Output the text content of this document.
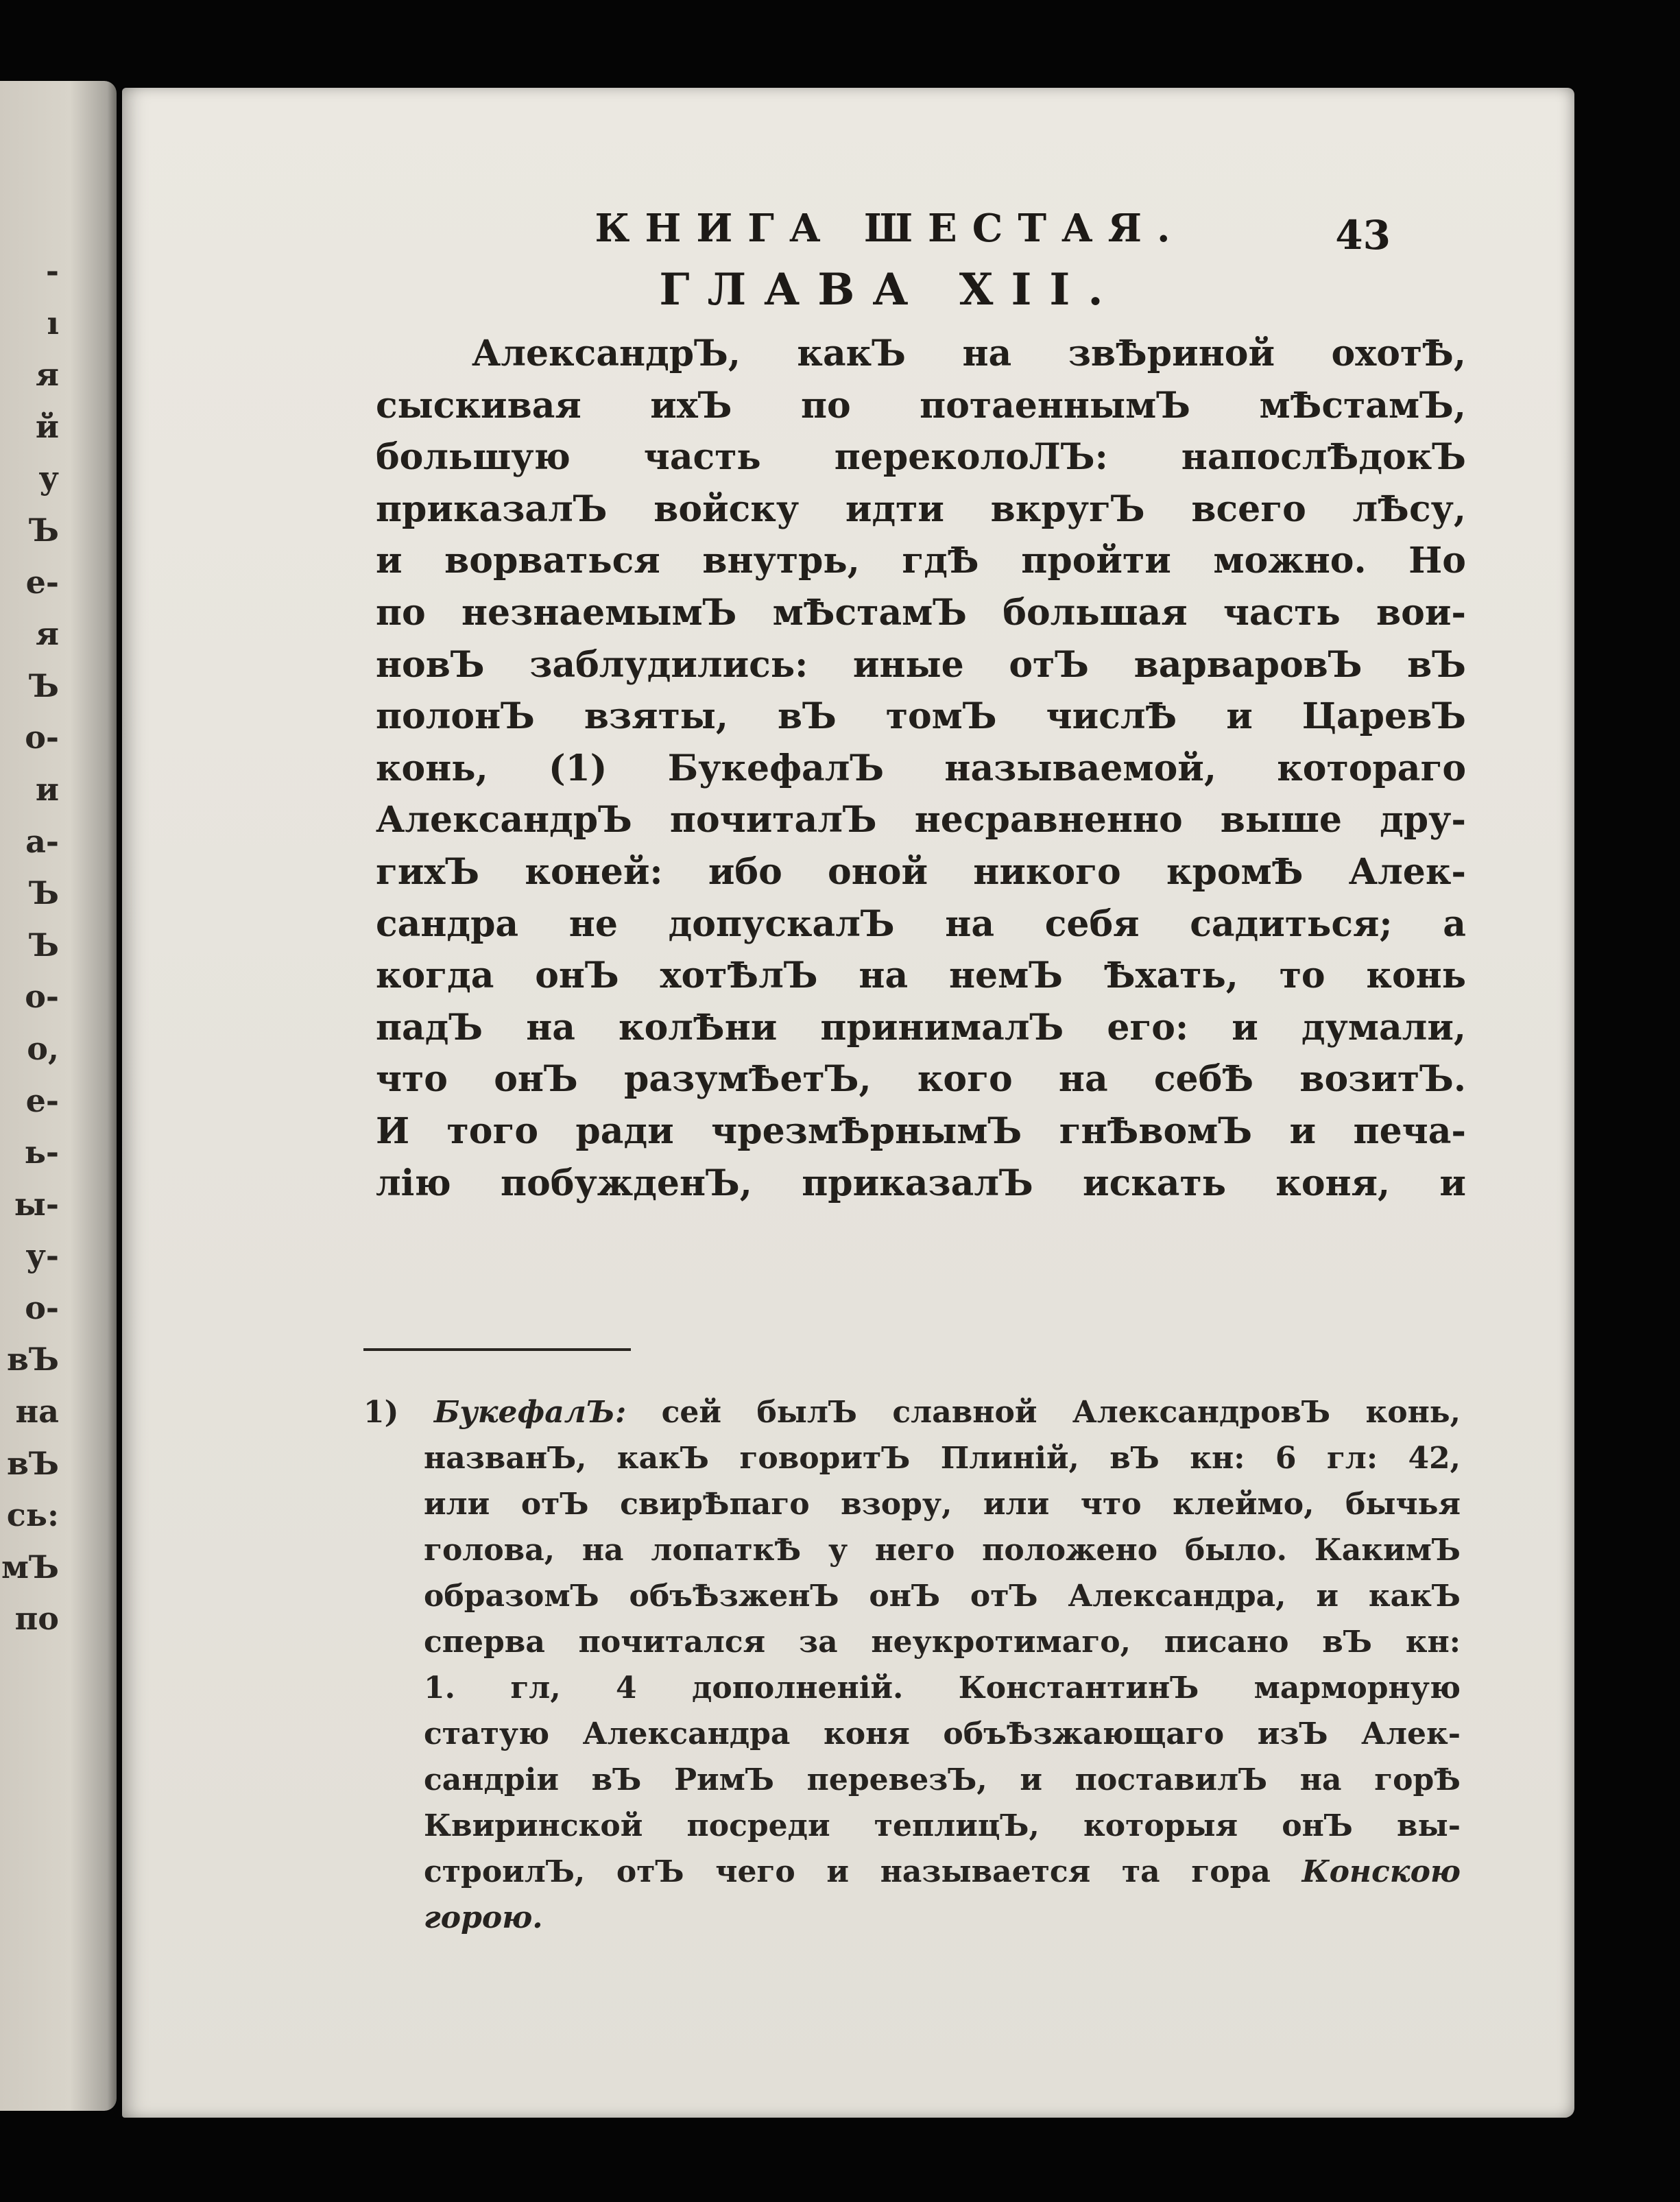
-
ı
я
й
у
Ъ
е-
я
Ъ
о-
и
а-
Ъ
Ъ
о-
о,
е-
ь-
ы-
у-
о-
вЪ
на
вЪ
сь:
мЪ
по
КНИГА ШЕСТАЯ.	43
ГЛАВА XII.
АлександрЪ, какЪ на звѢриной охотѢ,
сыскивая ихЪ по потаеннымЪ мѢстамЪ,
большую часть переколоЛЪ: напослѢдокЪ
приказалЪ войску идти вкругЪ всего лѢсу,
и ворваться внутрь, гдѢ пройти можно. Но
по незнаемымЪ мѢстамЪ большая часть вои-
новЪ заблудились: иные отЪ варваровЪ вЪ
полонЪ взяты, вЪ томЪ числѢ и ЦаревЪ
конь, (1) БукефалЪ называемой, котораго
АлександрЪ почиталЪ несравненно выше дру-
гихЪ коней: ибо оной никого кромѢ Алек-
сандра не допускалЪ на себя садиться; а
когда онЪ хотѢлЪ на немЪ Ѣхать, то конь
падЪ на колѢни принималЪ его: и думали,
что онЪ разумѢетЪ, кого на себѢ возитЪ.
И того ради чрезмѢрнымЪ гнѢвомЪ и печа-
лію побужденЪ, приказалЪ искать коня, и
1) БукефалЪ: сей былЪ славной АлександровЪ конь,
названЪ, какЪ говоритЪ Плиній, вЪ кн: 6 гл: 42,
или отЪ свирѢпаго взору, или что клеймо, бычья
голова, на лопаткѢ у него положено было. КакимЪ
образомЪ объѢзженЪ онЪ отЪ Александра, и какЪ
сперва почитался за неукротимаго, писано вЪ кн:
1. гл, 4 дополненій. КонстантинЪ марморную
статую Александра коня объѢзжающаго изЪ Алек-
сандріи вЪ РимЪ перевезЪ, и поставилЪ на горѢ
Квиринской посреди теплицЪ, которыя онЪ вы-
строилЪ, отЪ чего и называется та гора Конскою
горою.
